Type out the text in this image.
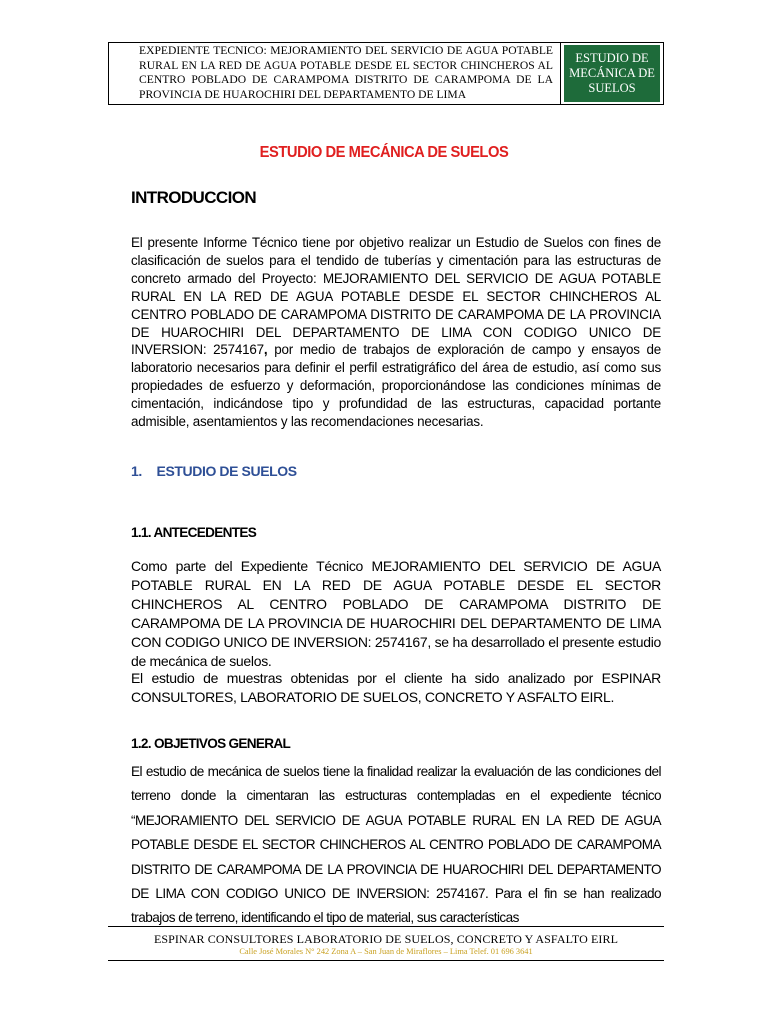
EXPEDIENTE TECNICO: MEJORAMIENTO DEL SERVICIO DE AGUA POTABLE RURAL EN LA RED DE AGUA POTABLE DESDE EL SECTOR CHINCHEROS AL CENTRO POBLADO DE CARAMPOMA DISTRITO DE CARAMPOMA DE LA PROVINCIA DE HUAROCHIRI DEL DEPARTAMENTO DE LIMA
ESTUDIO DE MECÁNICA DE SUELOS
ESTUDIO DE MECÁNICA DE SUELOS
INTRODUCCION
El presente Informe Técnico tiene por objetivo realizar un Estudio de Suelos con fines de clasificación de suelos para el tendido de tuberías y cimentación para las estructuras de concreto armado del Proyecto: MEJORAMIENTO DEL SERVICIO DE AGUA POTABLE RURAL EN LA RED DE AGUA POTABLE DESDE EL SECTOR CHINCHEROS AL CENTRO POBLADO DE CARAMPOMA DISTRITO DE CARAMPOMA DE LA PROVINCIA DE HUAROCHIRI DEL DEPARTAMENTO DE LIMA CON CODIGO UNICO DE INVERSION: 2574167, por medio de trabajos de exploración de campo y ensayos de laboratorio necesarios para definir el perfil estratigráfico del área de estudio, así como sus propiedades de esfuerzo y deformación, proporcionándose las condiciones mínimas de cimentación, indicándose tipo y profundidad de las estructuras, capacidad portante admisible, asentamientos y las recomendaciones necesarias.
1. ESTUDIO DE SUELOS
1.1. ANTECEDENTES
Como parte del Expediente Técnico MEJORAMIENTO DEL SERVICIO DE AGUA POTABLE RURAL EN LA RED DE AGUA POTABLE DESDE EL SECTOR CHINCHEROS AL CENTRO POBLADO DE CARAMPOMA DISTRITO DE CARAMPOMA DE LA PROVINCIA DE HUAROCHIRI DEL DEPARTAMENTO DE LIMA CON CODIGO UNICO DE INVERSION: 2574167, se ha desarrollado el presente estudio de mecánica de suelos.
El estudio de muestras obtenidas por el cliente ha sido analizado por ESPINAR CONSULTORES, LABORATORIO DE SUELOS, CONCRETO Y ASFALTO EIRL.
1.2. OBJETIVOS GENERAL
El estudio de mecánica de suelos tiene la finalidad realizar la evaluación de las condiciones del terreno donde la cimentaran las estructuras contempladas en el expediente técnico “MEJORAMIENTO DEL SERVICIO DE AGUA POTABLE RURAL EN LA RED DE AGUA POTABLE DESDE EL SECTOR CHINCHEROS AL CENTRO POBLADO DE CARAMPOMA DISTRITO DE CARAMPOMA DE LA PROVINCIA DE HUAROCHIRI DEL DEPARTAMENTO DE LIMA CON CODIGO UNICO DE INVERSION: 2574167. Para el fin se han realizado trabajos de terreno, identificando el tipo de material, sus características
ESPINAR CONSULTORES LABORATORIO DE SUELOS, CONCRETO Y ASFALTO EIRL
Calle José Morales N° 242 Zona A – San Juan de Miraflores – Lima Telef. 01 696 3641
